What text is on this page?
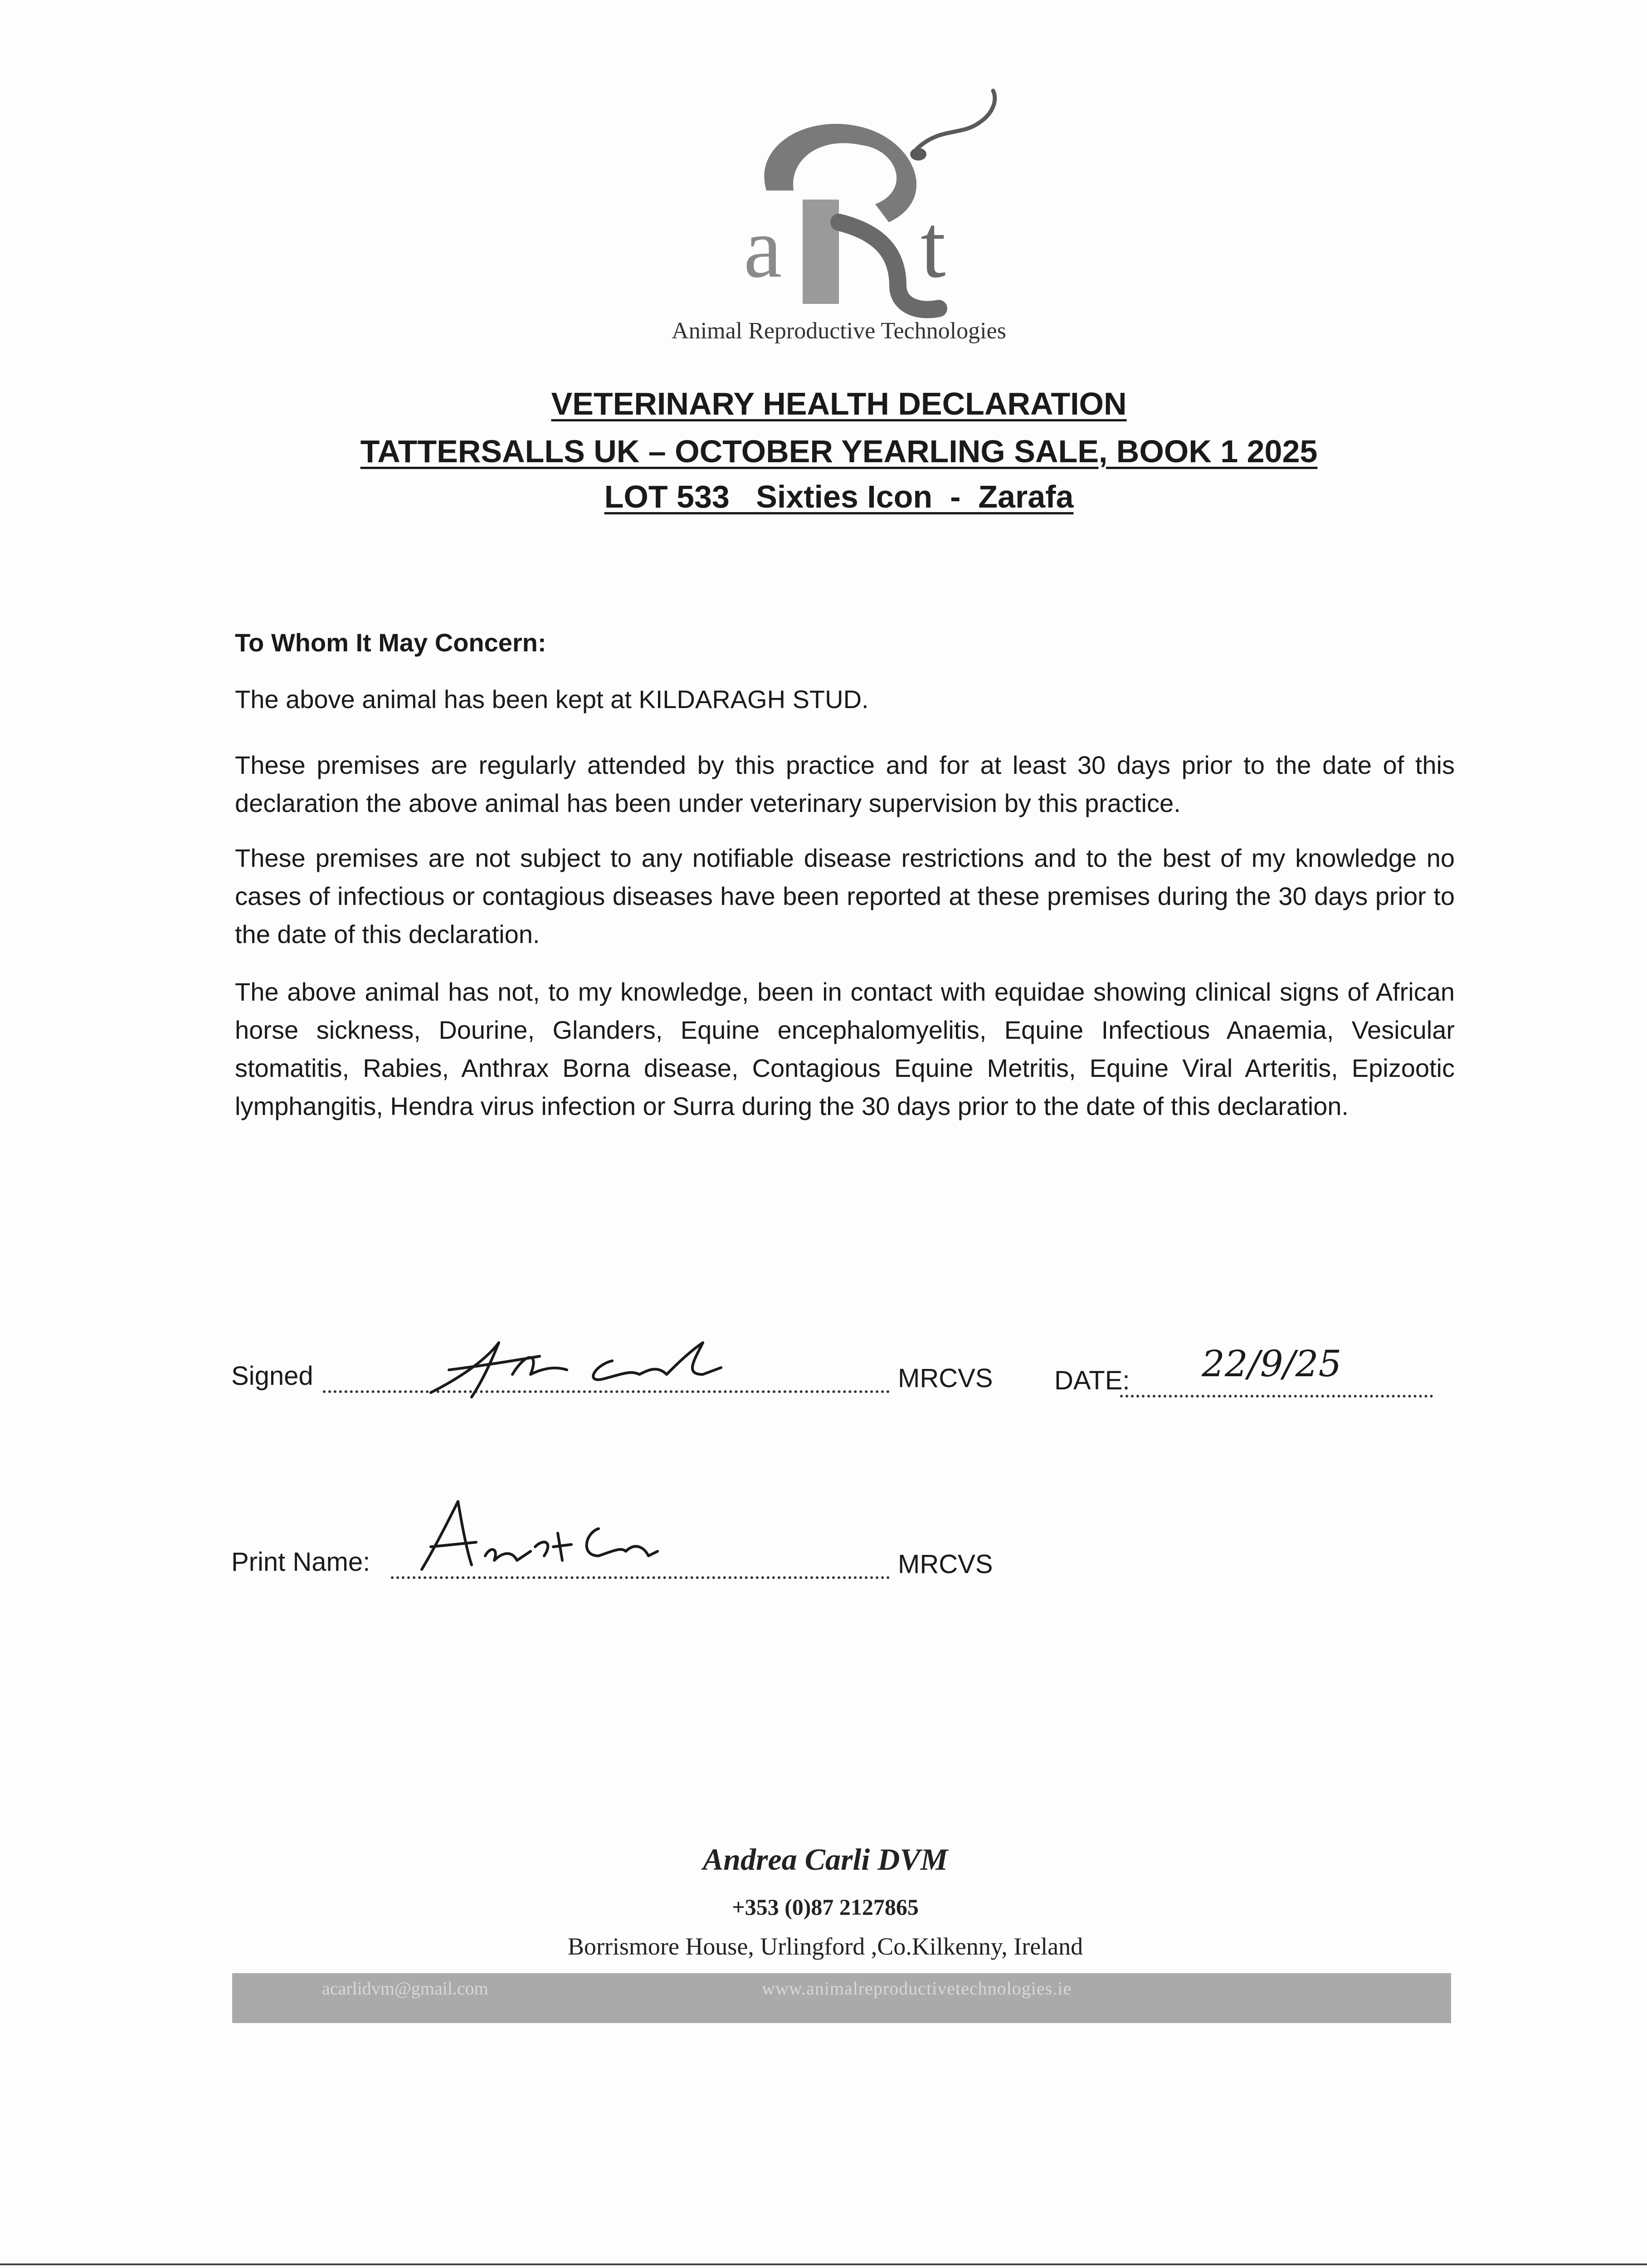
a t
Animal Reproductive Technologies
VETERINARY HEALTH DECLARATION
TATTERSALLS UK – OCTOBER YEARLING SALE, BOOK 1 2025
LOT 533   Sixties Icon  -  Zarafa
To Whom It May Concern:
The above animal has been kept at KILDARAGH STUD.
These premises are regularly attended by this practice and for at least 30 days prior to the date of this declaration the above animal has been under veterinary supervision by this practice.
These premises are not subject to any notifiable disease restrictions and to the best of my knowledge no cases of infectious or contagious diseases have been reported at these premises during the 30 days prior to the date of this declaration.
The above animal has not, to my knowledge, been in contact with equidae showing clinical signs of African horse sickness, Dourine, Glanders, Equine encephalomyelitis, Equine Infectious Anaemia, Vesicular stomatitis, Rabies, Anthrax Borna disease, Contagious Equine Metritis, Equine Viral Arteritis, Epizootic lymphangitis, Hendra virus infection or Surra during the 30 days prior to the date of this declaration.
Signed	MRCVS DATE: 22/9/25
Print Name:	MRCVS
Andrea Carli DVM
+353 (0)87 2127865
Borrismore House, Urlingford ,Co.Kilkenny, Ireland
acarlidvm@gmail.com	www.animalreproductivetechnologies.ie
